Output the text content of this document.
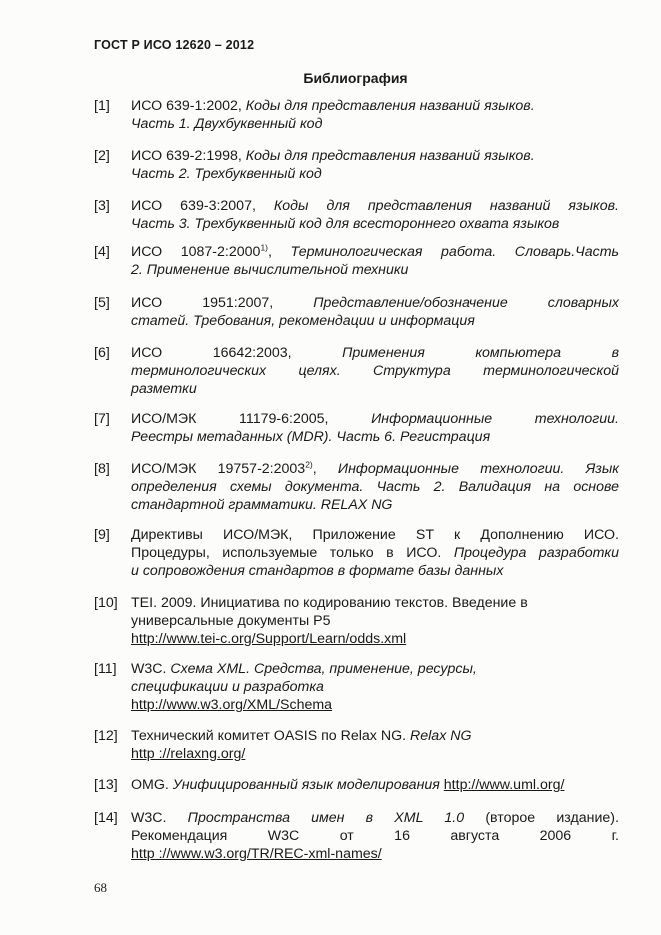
ГОСТ Р ИСО 12620 – 2012
Библиография
[1]	ИСО 639-1:2002, Коды для представления названий языков.
Часть 1. Двухбуквенный код
[2]	ИСО 639-2:1998, Коды для представления названий языков.
Часть 2. Трехбуквенный код
[3]	ИСО 639-3:2007, Коды для представления названий языков.
Часть 3. Трехбуквенный код для всестороннего охвата языков
[4]	ИСО 1087-2:2000$^{1)}$, Терминологическая работа. Словарь.Часть
2. Применение вычислительной техники
[5]	ИСО 1951:2007, Представление/обозначение словарных
статей. Требования, рекомендации и информация
[6]	ИСО 16642:2003, Применения компьютера в
терминологических целях. Структура терминологической
разметки
[7]	ИСО/МЭК 11179-6:2005, Информационные технологии.
Реестры метаданных (MDR). Часть 6. Регистрация
[8]	ИСО/МЭК 19757-2:2003$^{2)}$, Информационные технологии. Язык
определения схемы документа. Часть 2. Валидация на основе
стандартной грамматики. RELAX NG
[9]	Директивы ИСО/МЭК, Приложение ST к Дополнению ИСО.
Процедуры, используемые только в ИСО. Процедура разработки
и сопровождения стандартов в формате базы данных
[10] TEI. 2009. Инициатива по кодированию текстов. Введение в
универсальные документы P5
http://www.tei-c.org/Support/Learn/odds.xml
[11]	W3C. Схема XML. Средства, применение, ресурсы,
спецификации и разработка
http://www.w3.org/XML/Schema
[12] Технический комитет OASIS по Relax NG. Relax NG
http ://relaxng.org/
[13] OMG. Унифицированный язык моделирования http://www.uml.org/
[14] W3C. Пространства имен в XML 1.0 (второе издание).
Рекомендация W3C от 16 августа 2006 г.
http ://www.w3.org/TR/REC-xml-names/
68
